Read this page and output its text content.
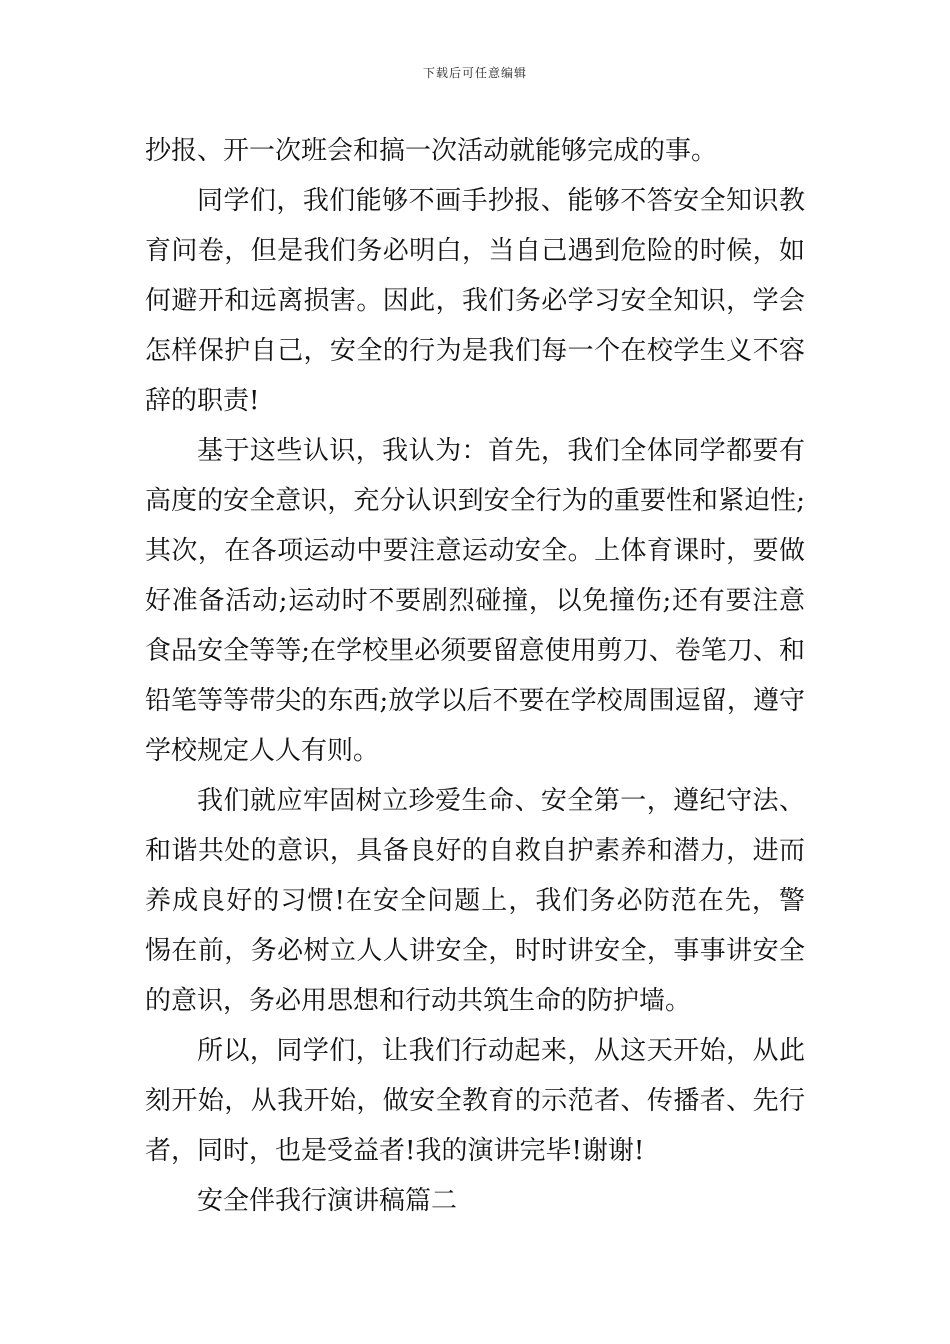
下载后可任意编辑

抄报、开一次班会和搞一次活动就能够完成的事。

同学们，我们能够不画手抄报、能够不答安全知识教育问卷，但是我们务必明白，当自己遇到危险的时候，如何避开和远离损害。因此，我们务必学习安全知识，学会怎样保护自己，安全的行为是我们每一个在校学生义不容辞的职责!

基于这些认识，我认为：首先，我们全体同学都要有高度的安全意识，充分认识到安全行为的重要性和紧迫性;其次，在各项运动中要注意运动安全。上体育课时，要做好准备活动;运动时不要剧烈碰撞，以免撞伤;还有要注意食品安全等等;在学校里必须要留意使用剪刀、卷笔刀、和铅笔等等带尖的东西;放学以后不要在学校周围逗留，遵守学校规定人人有则。

我们就应牢固树立珍爱生命、安全第一，遵纪守法、和谐共处的意识，具备良好的自救自护素养和潜力，进而养成良好的习惯!在安全问题上，我们务必防范在先，警惕在前，务必树立人人讲安全，时时讲安全，事事讲安全的意识，务必用思想和行动共筑生命的防护墙。

所以，同学们，让我们行动起来，从这天开始，从此刻开始，从我开始，做安全教育的示范者、传播者、先行者，同时，也是受益者!我的演讲完毕!谢谢!

安全伴我行演讲稿篇二
